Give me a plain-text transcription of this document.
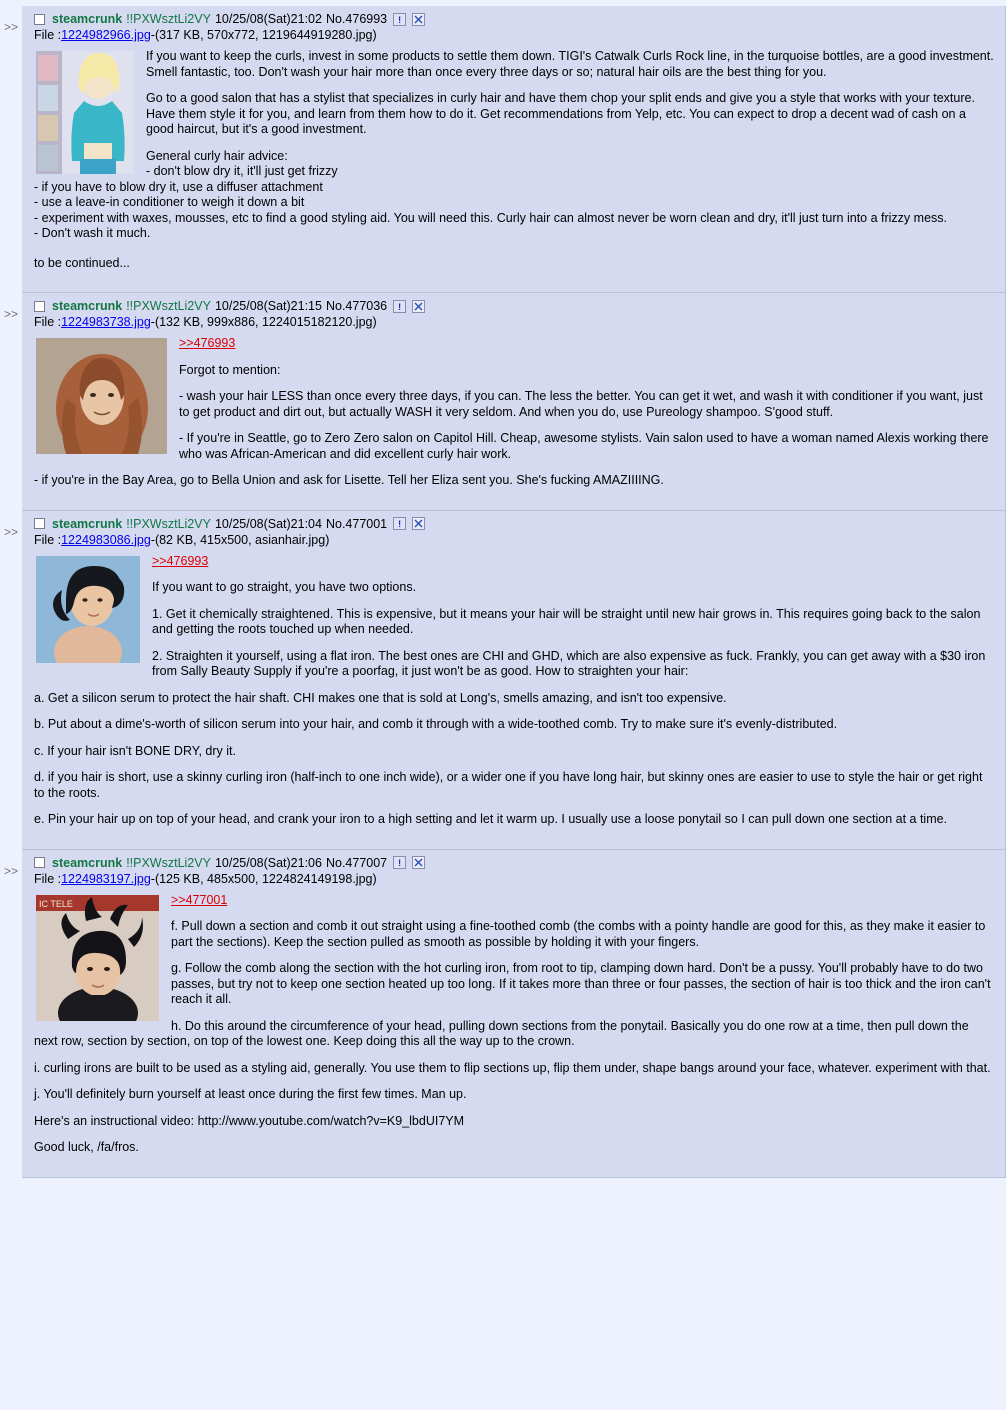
>>
steamcrunk !!PXWsztLi2VY 10/25/08(Sat)21:02 No.476993	!
File :1224982966.jpg-(317 KB, 570x772, 1219644919280.jpg)

If you want to keep the curls, invest in some products to settle them down. TIGI's Catwalk Curls Rock line, in the turquoise bottles, are a good investment. Smell fantastic, too. Don't wash your hair more than once every three days or so; natural hair oils are the best thing for you.

Go to a good salon that has a stylist that specializes in curly hair and have them chop your split ends and give you a style that works with your texture. Have them style it for you, and learn from them how to do it. Get recommendations from Yelp, etc. You can expect to drop a decent wad of cash on a good haircut, but it's a good investment.

General curly hair advice:
- don't blow dry it, it'll just get frizzy
- if you have to blow dry it, use a diffuser attachment
- use a leave-in conditioner to weigh it down a bit
- experiment with waxes, mousses, etc to find a good styling aid. You will need this. Curly hair can almost never be worn clean and dry, it'll just turn into a frizzy mess.
- Don't wash it much.

to be continued...

>>
steamcrunk !!PXWsztLi2VY 10/25/08(Sat)21:15 No.477036	!
File :1224983738.jpg-(132 KB, 999x886, 1224015182120.jpg)

>>476993

Forgot to mention:

- wash your hair LESS than once every three days, if you can. The less the better. You can get it wet, and wash it with conditioner if you want, just to get product and dirt out, but actually WASH it very seldom. And when you do, use Pureology shampoo. S'good stuff.

- If you're in Seattle, go to Zero Zero salon on Capitol Hill. Cheap, awesome stylists. Vain salon used to have a woman named Alexis working there who was African-American and did excellent curly hair work.

- if you're in the Bay Area, go to Bella Union and ask for Lisette. Tell her Eliza sent you. She's fucking AMAZIIIING.

>>
steamcrunk !!PXWsztLi2VY 10/25/08(Sat)21:04 No.477001	!
File :1224983086.jpg-(82 KB, 415x500, asianhair.jpg)

>>476993

If you want to go straight, you have two options.

1. Get it chemically straightened. This is expensive, but it means your hair will be straight until new hair grows in. This requires going back to the salon and getting the roots touched up when needed.

2. Straighten it yourself, using a flat iron. The best ones are CHI and GHD, which are also expensive as fuck. Frankly, you can get away with a $30 iron from Sally Beauty Supply if you're a poorfag, it just won't be as good. How to straighten your hair:

a. Get a silicon serum to protect the hair shaft. CHI makes one that is sold at Long's, smells amazing, and isn't too expensive.

b. Put about a dime's-worth of silicon serum into your hair, and comb it through with a wide-toothed comb. Try to make sure it's evenly-distributed.

c. If your hair isn't BONE DRY, dry it.

d. if you hair is short, use a skinny curling iron (half-inch to one inch wide), or a wider one if you have long hair, but skinny ones are easier to use to style the hair or get right to the roots.

e. Pin your hair up on top of your head, and crank your iron to a high setting and let it warm up. I usually use a loose ponytail so I can pull down one section at a time.

>>
steamcrunk !!PXWsztLi2VY 10/25/08(Sat)21:06 No.477007	!
File :1224983197.jpg-(125 KB, 485x500, 1224824149198.jpg)
IC TELE	>>477001

f. Pull down a section and comb it out straight using a fine-toothed comb (the combs with a pointy handle are good for this, as they make it easier to part the sections). Keep the section pulled as smooth as possible by holding it with your fingers.

g. Follow the comb along the section with the hot curling iron, from root to tip, clamping down hard. Don't be a pussy. You'll probably have to do two passes, but try not to keep one section heated up too long. If it takes more than three or four passes, the section of hair is too thick and the iron can't reach it all.

h. Do this around the circumference of your head, pulling down sections from the ponytail. Basically you do one row at a time, then pull down the next row, section by section, on top of the lowest one. Keep doing this all the way up to the crown.

i. curling irons are built to be used as a styling aid, generally. You use them to flip sections up, flip them under, shape bangs around your face, whatever. experiment with that.

j. You'll definitely burn yourself at least once during the first few times. Man up.

Here's an instructional video: http://www.youtube.com/watch?v=K9_lbdUI7YM

Good luck, /fa/fros.
